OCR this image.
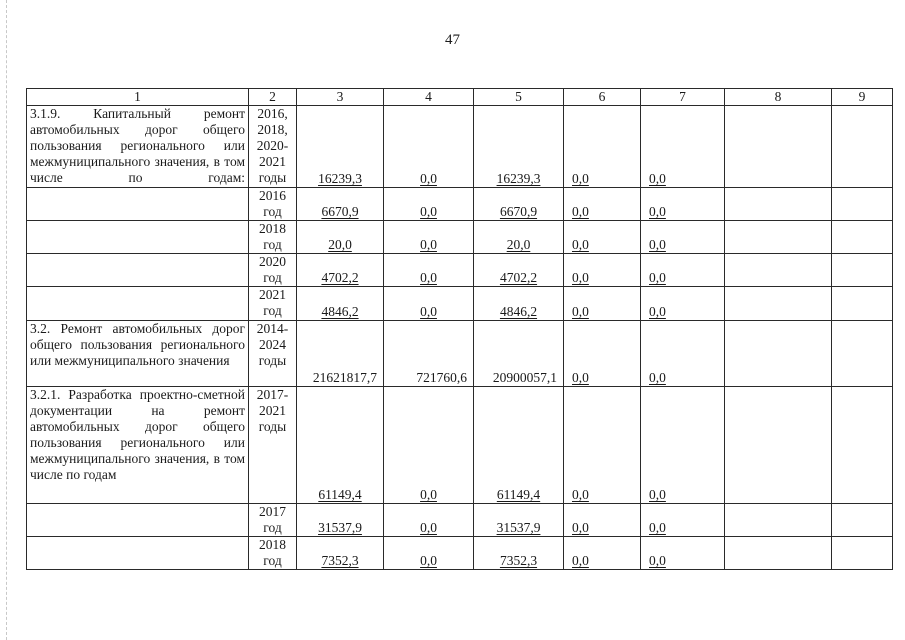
47
1	2	3	4	5	6	7	8	9
3.1.9. Капитальный ремонт автомобильных дорог общего пользования регионального или межмуниципального значения, в том числе по годам:	2016,
2018,
2020-
2021
годы	16239,3	0,0	16239,3	0,0	0,0		
	2016
год	6670,9	0,0	6670,9	0,0	0,0		
	2018
год	20,0	0,0	20,0	0,0	0,0		
	2020
год	4702,2	0,0	4702,2	0,0	0,0		
	2021
год	4846,2	0,0	4846,2	0,0	0,0		
3.2. Ремонт автомобильных дорог общего пользования регионального или межмуниципального значения	2014-
2024
годы	21621817,7	721760,6	20900057,1	0,0	0,0		
3.2.1. Разработка проектно-сметной документации на ремонт автомобильных дорог общего пользования регионального или межмуниципального значения, в том числе по годам	2017-
2021
годы	61149,4	0,0	61149,4	0,0	0,0		
	2017
год	31537,9	0,0	31537,9	0,0	0,0		
	2018
год	7352,3	0,0	7352,3	0,0	0,0		
